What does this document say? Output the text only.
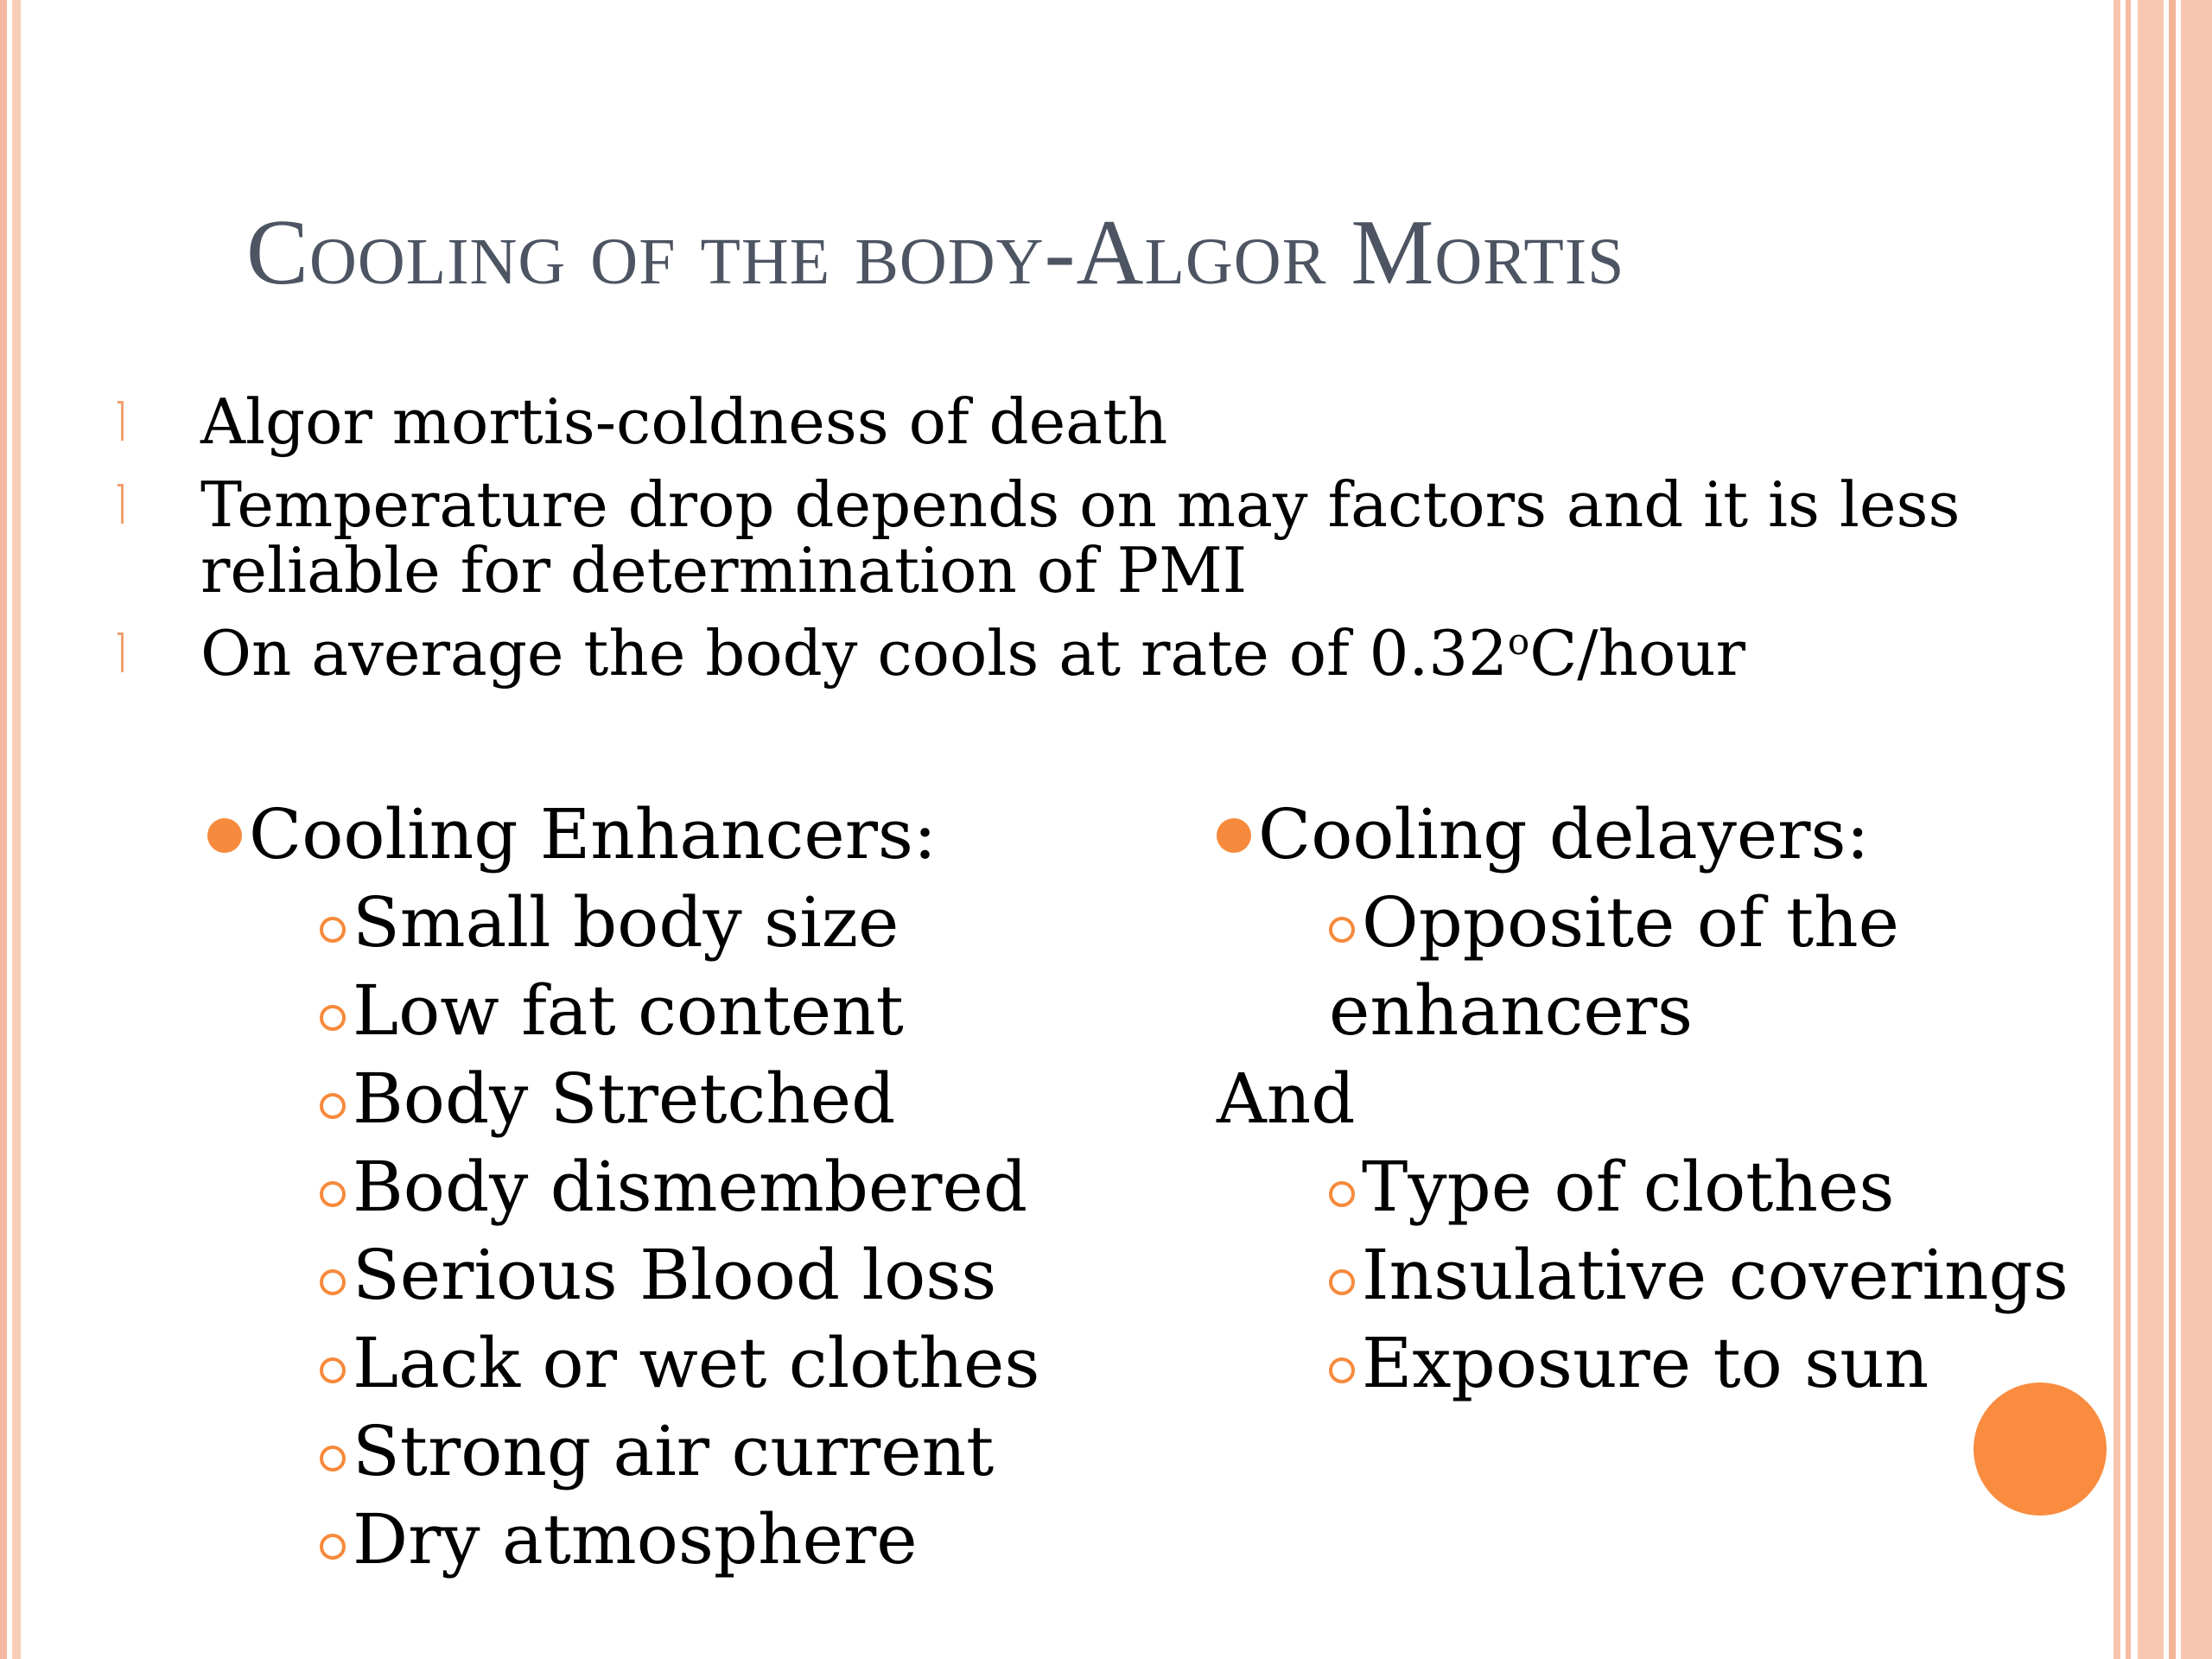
Cooling of the body-Algor Mortis
Algor mortis-coldness of death
Temperature drop depends on may factors and it is less reliable for determination of PMI
On average the body cools at rate of 0.32$^o$C/hour
Cooling Enhancers:
Small body size
Low fat content
Body Stretched
Body dismembered
Serious Blood loss
Lack or wet clothes
Strong air current
Dry atmosphere
Cooling delayers:
Opposite of the
enhancers
And
Type of clothes
Insulative coverings
Exposure to sun
